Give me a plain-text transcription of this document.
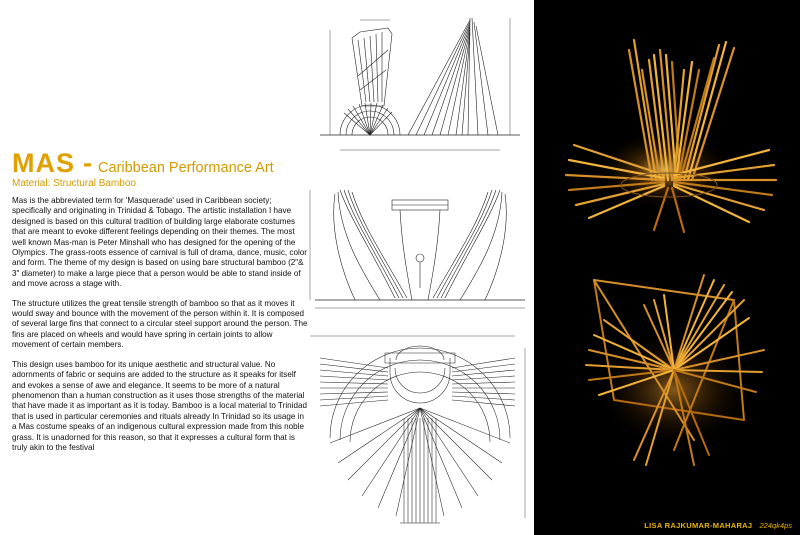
MAS - Caribbean Performance Art
Material: Structural Bamboo

Mas is the abbreviated term for 'Masquerade' used in Caribbean society; specifically and originating in Trinidad & Tobago. The artistic installation I have designed is based on this cultural tradition of building large elaborate costumes that are meant to evoke different feelings depending on their themes. The most well known Mas-man is Peter Minshall who has designed for the opening of the Olympics. The grass-roots essence of carnival is full of drama, dance, music, color and form. The theme of my design is based on using bare structural bamboo (2"& 3" diameter) to make a large piece that a person would be able to stand inside of and move across a stage with.

The structure utilizes the great tensile strength of bamboo so that as it moves it would sway and bounce with the movement of the person within it. It is composed of several large fins that connect to a circular steel support around the person. The fins are placed on wheels and would have spring in certain joints to allow movement of certain members.

This design uses bamboo for its unique aesthetic and structural value. No adornments of fabric or sequins are added to the structure as it speaks for itself and evokes a sense of awe and elegance. It seems to be more of a natural phenomenon than a human construction as it uses those strengths of the material that have made it as important as it is today. Bamboo is a local material to Trinidad that is used in particular ceremonies and rituals already In Trinidad so its usage in a Mas costume speaks of an indigenous cultural expression made from this noble grass. It is unadorned for this reason, so that it expresses a cultural form that is truly akin to the festival

LISA RAJKUMAR-MAHARAJ 224qk4ps
